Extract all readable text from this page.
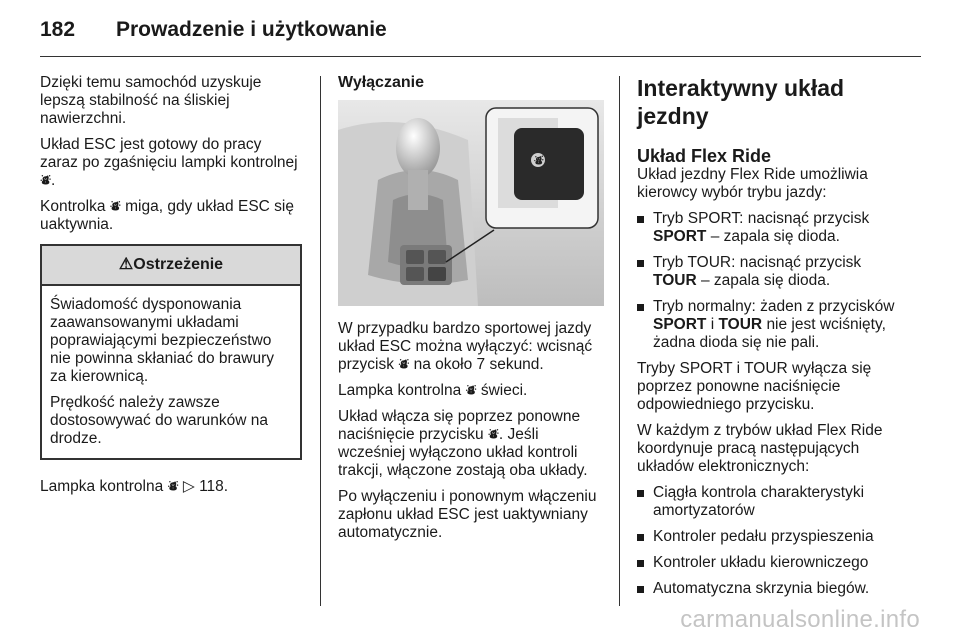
182 Prowadzenie i użytkowanie

Dzięki temu samochód uzyskuje lepszą stabilność na śliskiej nawierzchni.

Układ ESC jest gotowy do pracy zaraz po zgaśnięciu lampki kontrolnej
⛇.

Kontrolka ⛇ miga, gdy układ ESC się uaktywnia.

⚠Ostrzeżenie

Świadomość dysponowania zaawansowanymi układami poprawiającymi bezpieczeństwo nie powinna skłaniać do brawury za kierownicą.

Prędkość należy zawsze dostosowywać do warunków na drodze.

Lampka kontrolna ⛇ ▷ 118.

Wyłączanie
⛇

W przypadku bardzo sportowej jazdy układ ESC można wyłączyć: wcisnąć przycisk ⛇ na około 7 sekund.

Lampka kontrolna ⛇ świeci.

Układ włącza się poprzez ponowne naciśnięcie przycisku ⛇. Jeśli wcześniej wyłączono układ kontroli trakcji, włączone zostają oba układy.

Po wyłączeniu i ponownym włączeniu zapłonu układ ESC jest uaktywniany automatycznie.

Interaktywny układ jezdny
Układ Flex Ride

Układ jezdny Flex Ride umożliwia kierowcy wybór trybu jazdy:

Tryb SPORT: nacisnąć przycisk
SPORT – zapala się dioda.
Tryb TOUR: nacisnąć przycisk
TOUR – zapala się dioda.
Tryb normalny: żaden z przycisków
SPORT i TOUR nie jest wciśnięty, żadna dioda się nie pali.

Tryby SPORT i TOUR wyłącza się poprzez ponowne naciśnięcie odpowiedniego przycisku.

W każdym z trybów układ Flex Ride koordynuje pracą następujących układów elektronicznych:

Ciągła kontrola charakterystyki amortyzatorów
Kontroler pedału przyspieszenia
Kontroler układu kierowniczego
Automatyczna skrzynia biegów.
carmanualsonline.info
